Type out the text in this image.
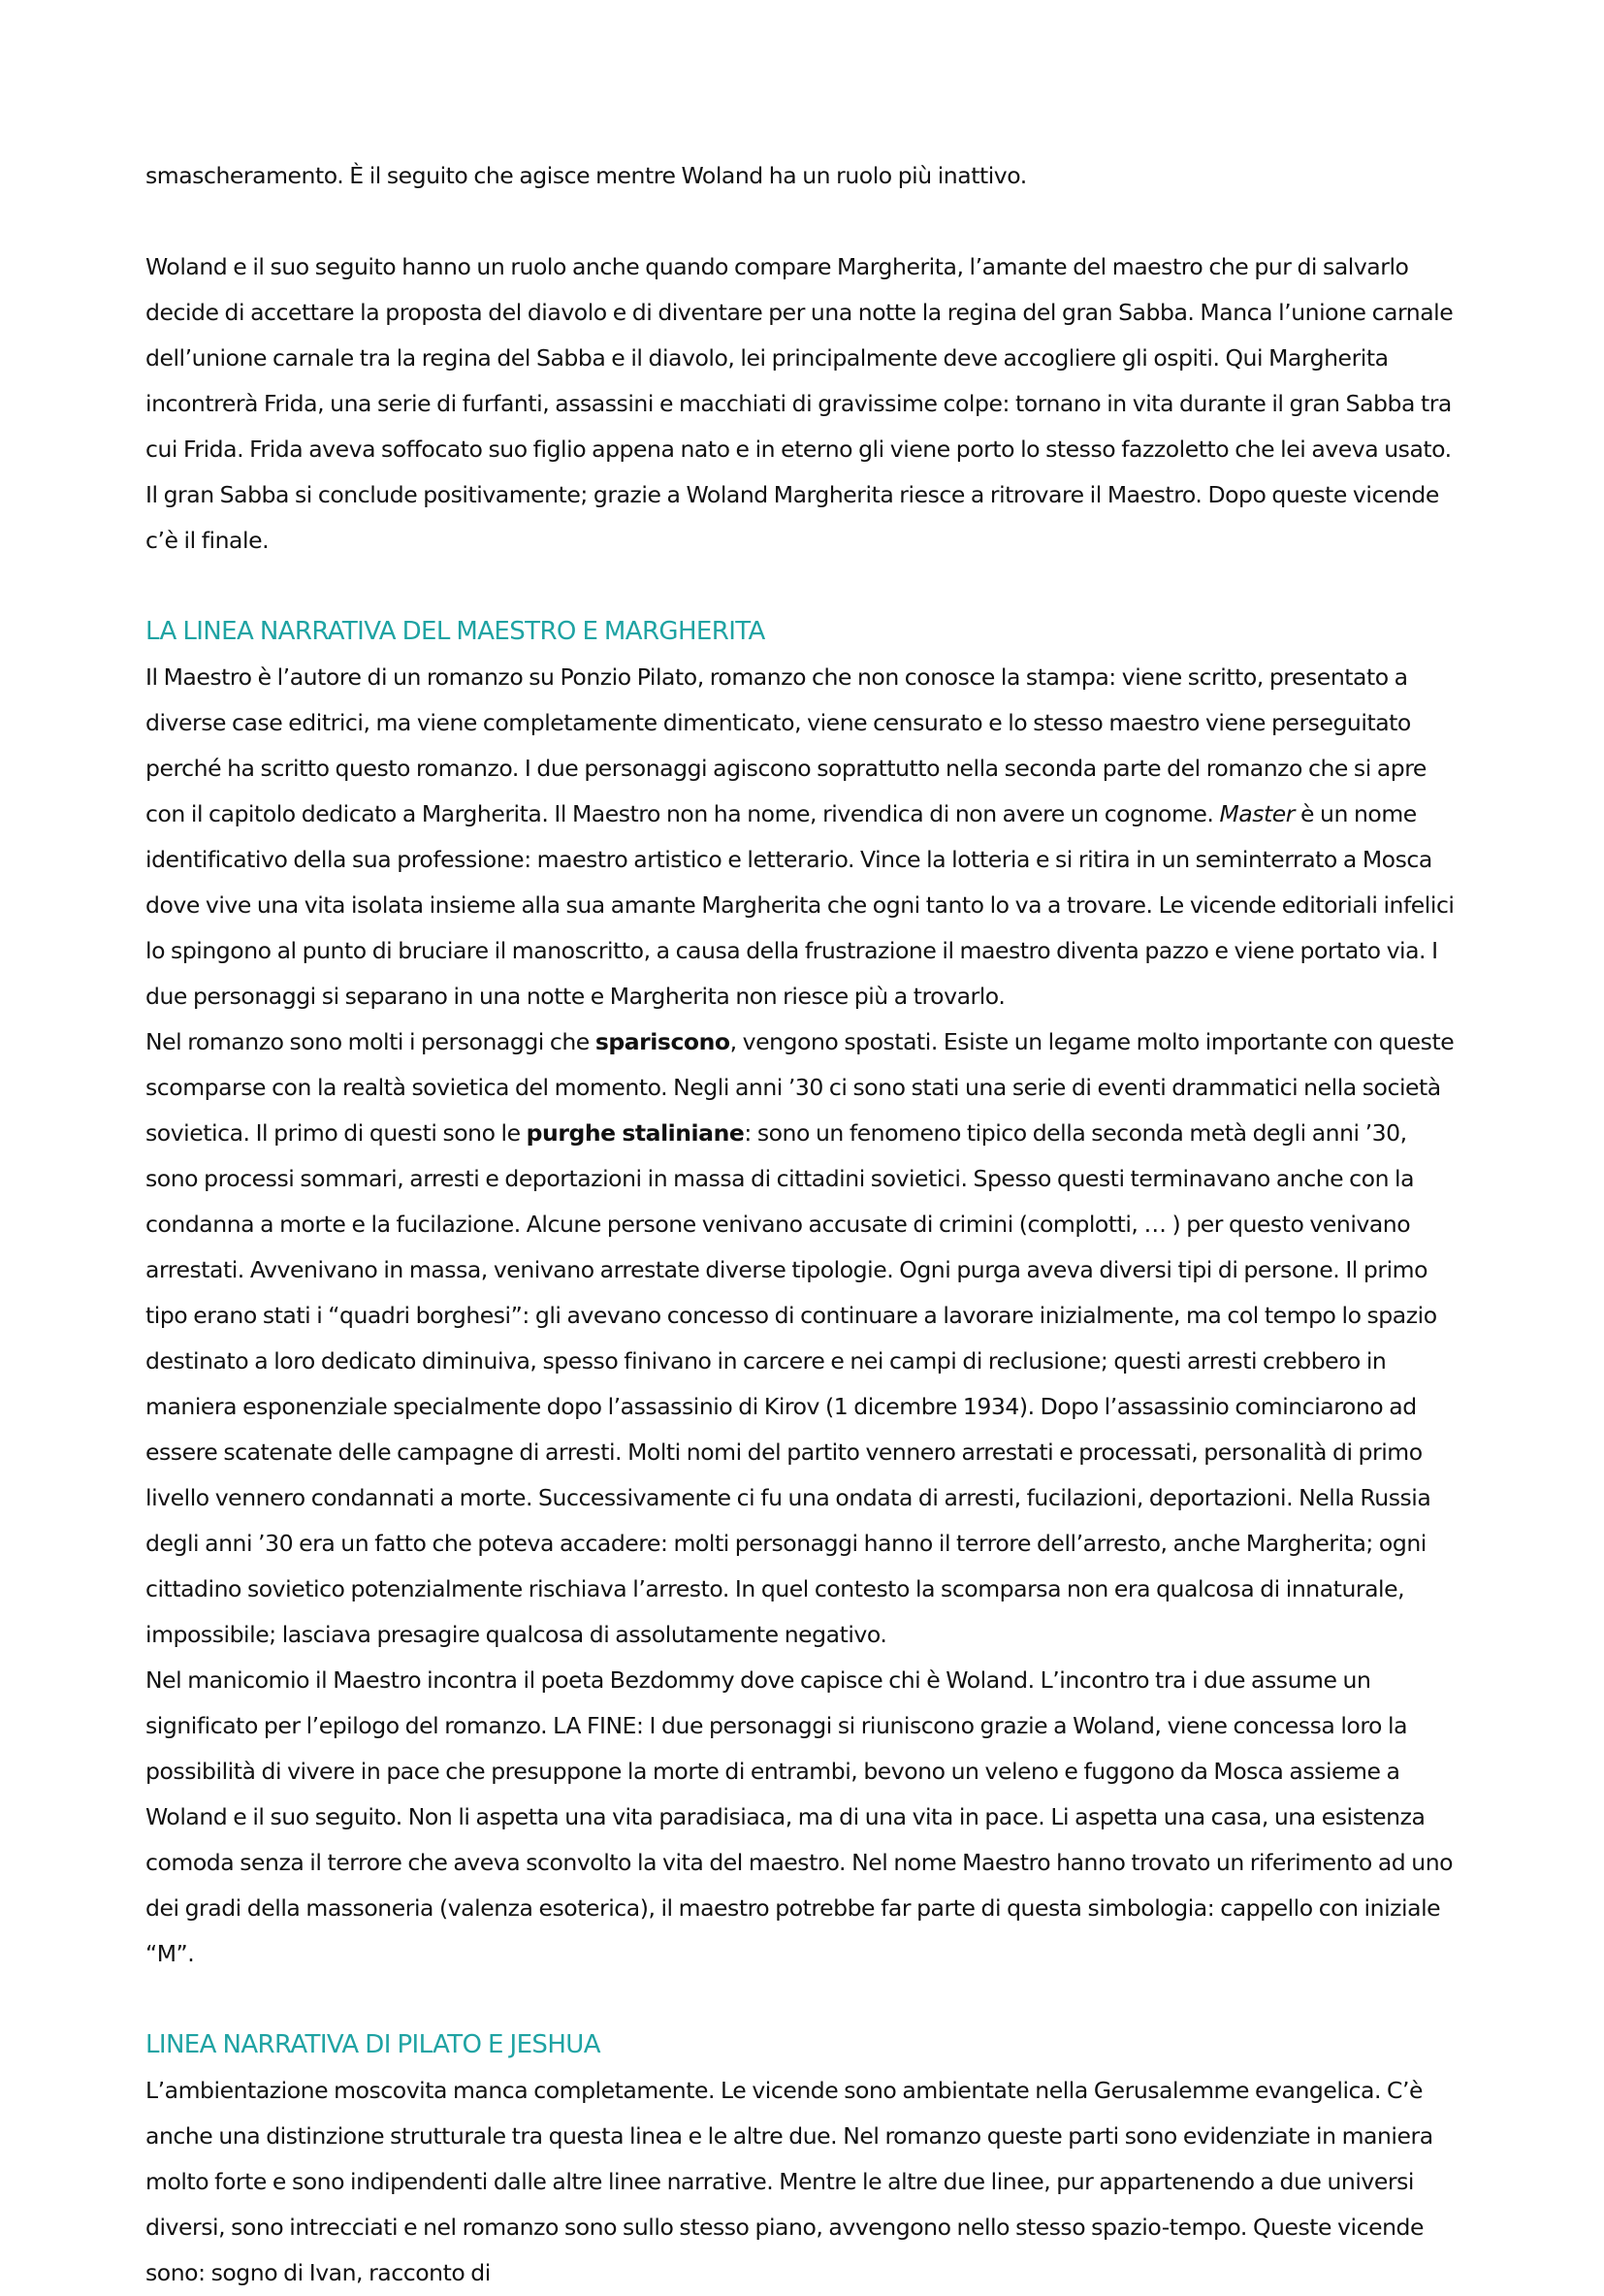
smascheramento. È il seguito che agisce mentre Woland ha un ruolo più inattivo.

Woland e il suo seguito hanno un ruolo anche quando compare Margherita, l’amante del maestro che pur di salvarlo decide di accettare la proposta del diavolo e di diventare per una notte la regina del gran Sabba. Manca l’unione carnale dell’unione carnale tra la regina del Sabba e il diavolo, lei principalmente deve accogliere gli ospiti. Qui Margherita incontrerà Frida, una serie di furfanti, assassini e macchiati di gravissime colpe: tornano in vita durante il gran Sabba tra cui Frida. Frida aveva soffocato suo figlio appena nato e in eterno gli viene porto lo stesso fazzoletto che lei aveva usato. Il gran Sabba si conclude positivamente; grazie a Woland Margherita riesce a ritrovare il Maestro. Dopo queste vicende c’è il finale.

LA LINEA NARRATIVA DEL MAESTRO E MARGHERITA

Il Maestro è l’autore di un romanzo su Ponzio Pilato, romanzo che non conosce la stampa: viene scritto, presentato a diverse case editrici, ma viene completamente dimenticato, viene censurato e lo stesso maestro viene perseguitato perché ha scritto questo romanzo. I due personaggi agiscono soprattutto nella seconda parte del romanzo che si apre con il capitolo dedicato a Margherita. Il Maestro non ha nome, rivendica di non avere un cognome. Master è un nome identificativo della sua professione: maestro artistico e letterario. Vince la lotteria e si ritira in un seminterrato a Mosca dove vive una vita isolata insieme alla sua amante Margherita che ogni tanto lo va a trovare. Le vicende editoriali infelici lo spingono al punto di bruciare il manoscritto, a causa della frustrazione il maestro diventa pazzo e viene portato via. I due personaggi si separano in una notte e Margherita non riesce più a trovarlo.

Nel romanzo sono molti i personaggi che spariscono, vengono spostati. Esiste un legame molto importante con queste scomparse con la realtà sovietica del momento. Negli anni ’30 ci sono stati una serie di eventi drammatici nella società sovietica. Il primo di questi sono le purghe staliniane: sono un fenomeno tipico della seconda metà degli anni ’30, sono processi sommari, arresti e deportazioni in massa di cittadini sovietici. Spesso questi terminavano anche con la condanna a morte e la fucilazione. Alcune persone venivano accusate di crimini (complotti, … ) per questo venivano arrestati. Avvenivano in massa, venivano arrestate diverse tipologie. Ogni purga aveva diversi tipi di persone. Il primo tipo erano stati i “quadri borghesi”: gli avevano concesso di continuare a lavorare inizialmente, ma col tempo lo spazio destinato a loro dedicato diminuiva, spesso finivano in carcere e nei campi di reclusione; questi arresti crebbero in maniera esponenziale specialmente dopo l’assassinio di Kirov (1 dicembre 1934). Dopo l’assassinio cominciarono ad essere scatenate delle campagne di arresti. Molti nomi del partito vennero arrestati e processati, personalità di primo livello vennero condannati a morte. Successivamente ci fu una ondata di arresti, fucilazioni, deportazioni. Nella Russia degli anni ’30 era un fatto che poteva accadere: molti personaggi hanno il terrore dell’arresto, anche Margherita; ogni cittadino sovietico potenzialmente rischiava l’arresto. In quel contesto la scomparsa non era qualcosa di innaturale, impossibile; lasciava presagire qualcosa di assolutamente negativo.

Nel manicomio il Maestro incontra il poeta Bezdommy dove capisce chi è Woland. L’incontro tra i due assume un significato per l’epilogo del romanzo. LA FINE: I due personaggi si riuniscono grazie a Woland, viene concessa loro la possibilità di vivere in pace che presuppone la morte di entrambi, bevono un veleno e fuggono da Mosca assieme a Woland e il suo seguito. Non li aspetta una vita paradisiaca, ma di una vita in pace. Li aspetta una casa, una esistenza comoda senza il terrore che aveva sconvolto la vita del maestro. Nel nome Maestro hanno trovato un riferimento ad uno dei gradi della massoneria (valenza esoterica), il maestro potrebbe far parte di questa simbologia: cappello con iniziale “M”.

LINEA NARRATIVA DI PILATO E JESHUA

L’ambientazione moscovita manca completamente. Le vicende sono ambientate nella Gerusalemme evangelica. C’è anche una distinzione strutturale tra questa linea e le altre due. Nel romanzo queste parti sono evidenziate in maniera molto forte e sono indipendenti dalle altre linee narrative. Mentre le altre due linee, pur appartenendo a due universi diversi, sono intrecciati e nel romanzo sono sullo stesso piano, avvengono nello stesso spazio-tempo. Queste vicende sono: sogno di Ivan, racconto di
